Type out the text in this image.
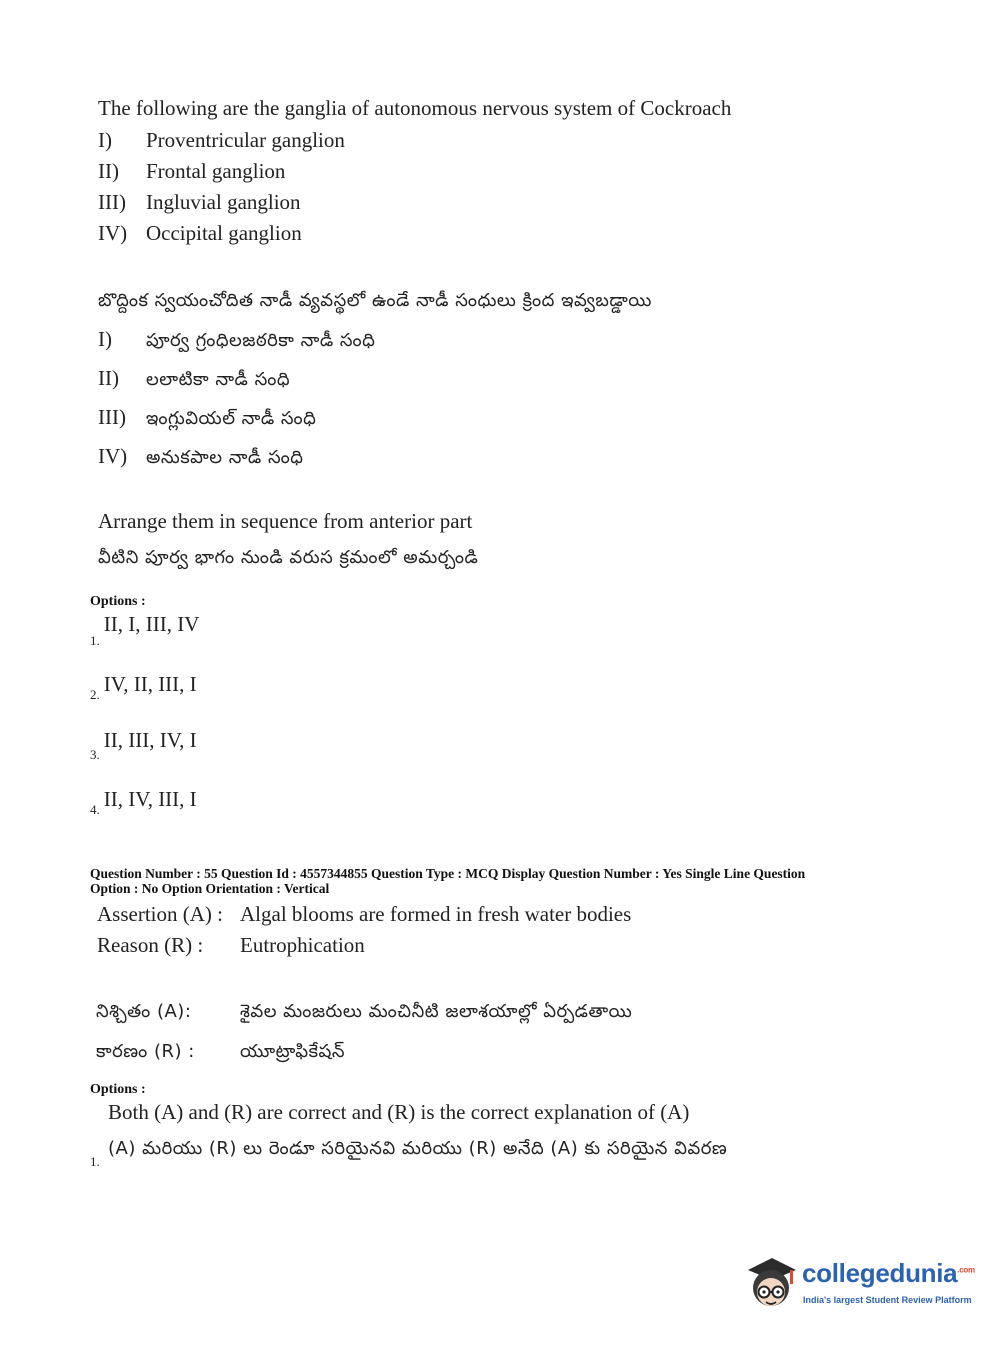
The following are the ganglia of autonomous nervous system of Cockroach
I) Proventricular ganglion
II) Frontal ganglion
III) Ingluvial ganglion
IV) Occipital ganglion
బొద్దింక స్వయంచోదిత నాడీ వ్యవస్థలో ఉండే నాడీ సంధులు క్రింద ఇవ్వబడ్డాయి
I) పూర్వ గ్రంధిలజఠరికా నాడీ సంధి
II) లలాటికా నాడీ సంధి
III) ఇంగ్లువియల్ నాడీ సంధి
IV) అనుకపాల నాడీ సంధి
Arrange them in sequence from anterior part
వీటిని పూర్వ భాగం నుండి వరుస క్రమంలో అమర్చండి
Options :
$_{1.}$ II, I, III, IV
$_{2.}$ IV, II, III, I
$_{3.}$ II, III, IV, I
$_{4.}$ II, IV, III, I
Question Number : 55 Question Id : 4557344855 Question Type : MCQ Display Question Number : Yes Single Line Question
Option : No Option Orientation : Vertical
Assertion (A) : Algal blooms are formed in fresh water bodies
Reason (R) : Eutrophication
నిశ్చితం (A):	శైవల మంజరులు మంచినీటి జలాశయాల్లో ఏర్పడతాయి
కారణం (R) :	యూట్రాఫికేషన్
Options :
Both (A) and (R) are correct and (R) is the correct explanation of (A)
1.
(A) మరియు (R) లు రెండూ సరియైనవి మరియు (R) అనేది (A) కు సరియైన వివరణ
collegedunia$^{.com}$
India's largest Student Review Platform
